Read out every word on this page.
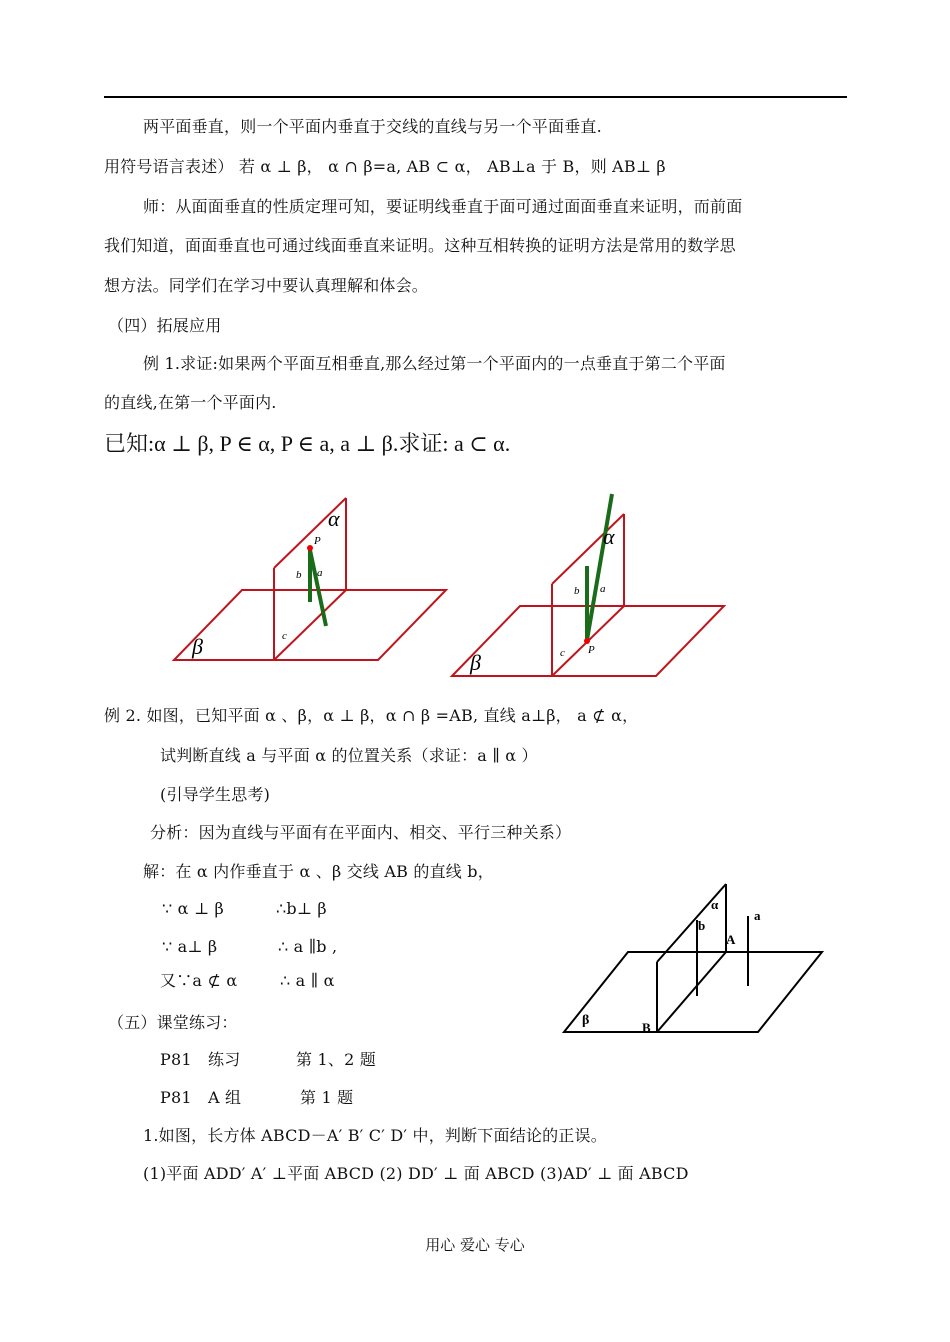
两平面垂直，则一个平面内垂直于交线的直线与另一个平面垂直.
用符号语言表述） 若 α ⊥ β， α ∩ β=a, AB ⊂ α， AB⊥a 于 B，则 AB⊥ β
师：从面面垂直的性质定理可知，要证明线垂直于面可通过面面垂直来证明，而前面
我们知道，面面垂直也可通过线面垂直来证明。这种互相转换的证明方法是常用的数学思
想方法。同学们在学习中要认真理解和体会。
（四）拓展应用
例 1.求证:如果两个平面互相垂直,那么经过第一个平面内的一点垂直于第二个平面
的直线,在第一个平面内.
已知:α ⊥ β, P ∈ α, P ∈ a, a ⊥ β.求证: a ⊂ α.
α
P
b a
c
β
α
P
b a
c
β
例 2. 如图，已知平面 α 、β，α ⊥ β，α ∩ β =AB, 直线 a⊥β， a ⊄ α，
试判断直线 a 与平面 α 的位置关系（求证：a ∥ α ）
(引导学生思考)
分析：因为直线与平面有在平面内、相交、平行三种关系）
解：在 α 内作垂直于 α 、β 交线 AB 的直线 b，
∵ α ⊥ β	∴b⊥ β
∵ a⊥ β	∴ a ∥b ,
又∵a ⊄ α	∴ a ∥ α
α
b
a
A
B
β
（五）课堂练习：
P81 练习	第 1、2 题
P81 A 组	第 1 题
1.如图，长方体 ABCD－A′ B′ C′ D′ 中，判断下面结论的正误。
(1)平面 ADD′ A′ ⊥平面 ABCD (2) DD′ ⊥ 面 ABCD (3)AD′ ⊥ 面 ABCD
用心 爱心 专心
